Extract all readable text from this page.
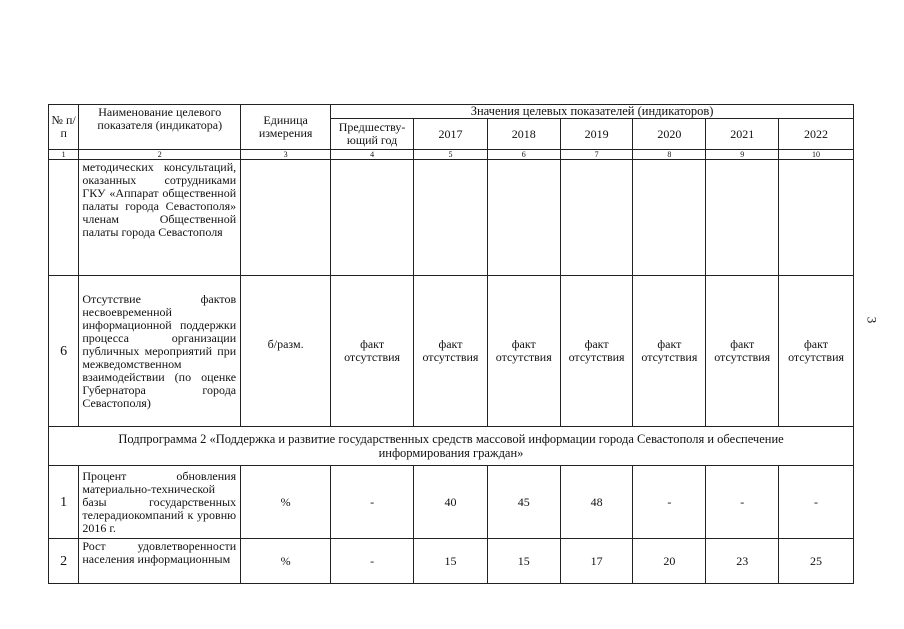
3
№ п/п	Наименование целевого показателя (индикатора)	Единица измерения	Значения целевых показателей (индикаторов)						
			Предшеству-ющий год	2017	2018	2019	2020	2021	2022
1	2	3	4	5	6	7	8	9	10
	методических консультаций, оказанных сотрудниками ГКУ «Аппарат общественной палаты города Севастополя» членам Общественной палаты города Севастополя								
6	Отсутствие фактов несвоевременной информационной поддержки процесса организации публичных мероприятий при межведомственном взаимодействии (по оценке Губернатора города Севастополя)	б/разм.	факт отсутствия	факт отсутствия	факт отсутствия	факт отсутствия	факт отсутствия	факт отсутствия	факт отсутствия
Подпрограмма 2 «Поддержка и развитие государственных средств массовой информации города Севастополя и обеспечение информирования граждан»									
1	Процент обновления материально-технической базы государственных телерадиокомпаний к уровню 2016 г.	%	-	40	45	48	-	-	-
2	Рост удовлетворенности населения информационным	%	-	15	15	17	20	23	25
